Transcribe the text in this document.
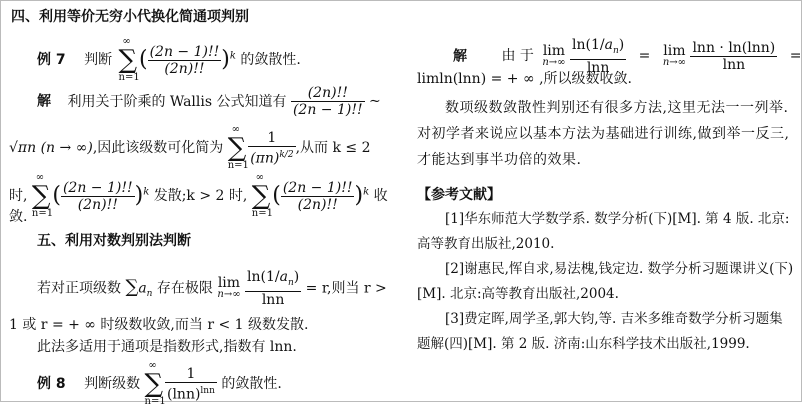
四、利用等价无穷小代换化简通项判别
例 7 判断
∞
∑
n=1
( $\frac{(2n - 1)!!}{(2n)!!} )^k$ 的敛散性.
解 利用关于阶乘的 Wallis 公式知道有 $\frac{(2n)!!}{(2n - 1)!!}$ ~
√πn (n → ∞),因此该级数可化简为
∞
∑
n=1
$\frac{1}{(\pi n)^{k/2}}$ ,从而 k ≤ 2
时,
∞
∑
n=1
( $\frac{(2n - 1)!!}{(2n)!!} )^k$ 发散;k > 2 时,
∞
∑
n=1
( $\frac{(2n - 1)!!}{(2n)!!} )^k$ 收
敛.
五、利用对数判别法判断
若对正项级数 $\sum a_n$ 存在极限 lim
n→∞
$\frac{\ln(1/a_n)}{\ln n} = r$,则当 r >
1 或 r = + ∞ 时级数收敛,而当 r < 1 级数发散.
此法多适用于通项是指数形式,指数有 lnn.
例 8 判断级数
∞
∑
n=1
$\frac{1}{(\ln n)^{lnn}}$ 的敛散性.
解 由 于 lim
n→∞
$\frac{\ln(1/a_n)}{\ln n} = \lim$
n→∞
$\frac{\ln n \cdot \ln(\ln n)}{\ln n}$ =
limln(lnn) = + ∞ ,所以级数收敛.
数项级数敛散性判别还有很多方法,这里无法一一列举.对初学者来说应以基本方法为基础进行训练,做到举一反三,才能达到事半功倍的效果.
【参考文献】
[1]华东师范大学数学系. 数学分析(下)[M]. 第 4 版. 北京:高等教育出版社,2010.
[2]谢惠民,恽自求,易法槐,钱定边. 数学分析习题课讲义(下)[M]. 北京:高等教育出版社,2004.
[3]费定晖,周学圣,郭大钧,等. 吉米多维奇数学分析习题集题解(四)[M]. 第 2 版. 济南:山东科学技术出版社,1999.
